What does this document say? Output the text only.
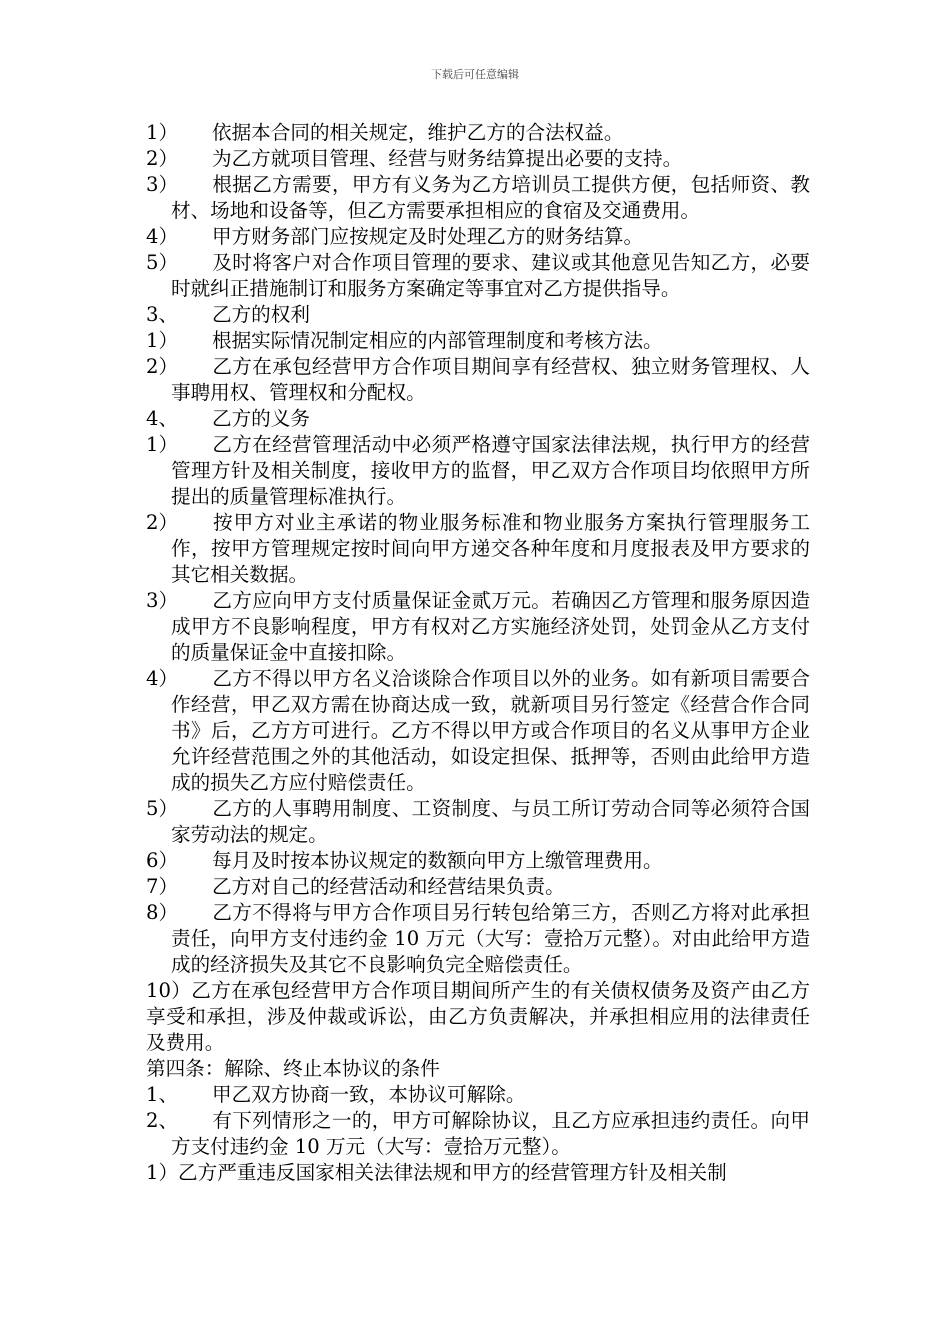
下载后可任意编辑

1） 依据本合同的相关规定，维护乙方的合法权益。

2） 为乙方就项目管理、经营与财务结算提出必要的支持。

3） 根据乙方需要，甲方有义务为乙方培训员工提供方便，包括师资、教材、场地和设备等，但乙方需要承担相应的食宿及交通费用。

4） 甲方财务部门应按规定及时处理乙方的财务结算。

5） 及时将客户对合作项目管理的要求、建议或其他意见告知乙方，必要时就纠正措施制订和服务方案确定等事宜对乙方提供指导。

3、 乙方的权利

1） 根据实际情况制定相应的内部管理制度和考核方法。

2） 乙方在承包经营甲方合作项目期间享有经营权、独立财务管理权、人事聘用权、管理权和分配权。

4、 乙方的义务

1） 乙方在经营管理活动中必须严格遵守国家法律法规，执行甲方的经营管理方针及相关制度，接收甲方的监督，甲乙双方合作项目均依照甲方所提出的质量管理标准执行。

2） 按甲方对业主承诺的物业服务标准和物业服务方案执行管理服务工作，按甲方管理规定按时间向甲方递交各种年度和月度报表及甲方要求的其它相关数据。

3） 乙方应向甲方支付质量保证金贰万元。若确因乙方管理和服务原因造成甲方不良影响程度，甲方有权对乙方实施经济处罚，处罚金从乙方支付的质量保证金中直接扣除。

4） 乙方不得以甲方名义洽谈除合作项目以外的业务。如有新项目需要合作经营，甲乙双方需在协商达成一致，就新项目另行签定《经营合作合同书》后，乙方方可进行。乙方不得以甲方或合作项目的名义从事甲方企业允许经营范围之外的其他活动，如设定担保、抵押等，否则由此给甲方造成的损失乙方应付赔偿责任。

5） 乙方的人事聘用制度、工资制度、与员工所订劳动合同等必须符合国家劳动法的规定。

6） 每月及时按本协议规定的数额向甲方上缴管理费用。

7） 乙方对自己的经营活动和经营结果负责。

8） 乙方不得将与甲方合作项目另行转包给第三方，否则乙方将对此承担责任，向甲方支付违约金 10 万元（大写：壹拾万元整）。对由此给甲方造成的经济损失及其它不良影响负完全赔偿责任。

10）乙方在承包经营甲方合作项目期间所产生的有关债权债务及资产由乙方享受和承担，涉及仲裁或诉讼，由乙方负责解决，并承担相应用的法律责任及费用。

第四条：解除、终止本协议的条件

1、 甲乙双方协商一致，本协议可解除。

2、 有下列情形之一的，甲方可解除协议，且乙方应承担违约责任。向甲方支付违约金 10 万元（大写：壹拾万元整）。

1）乙方严重违反国家相关法律法规和甲方的经营管理方针及相关制
